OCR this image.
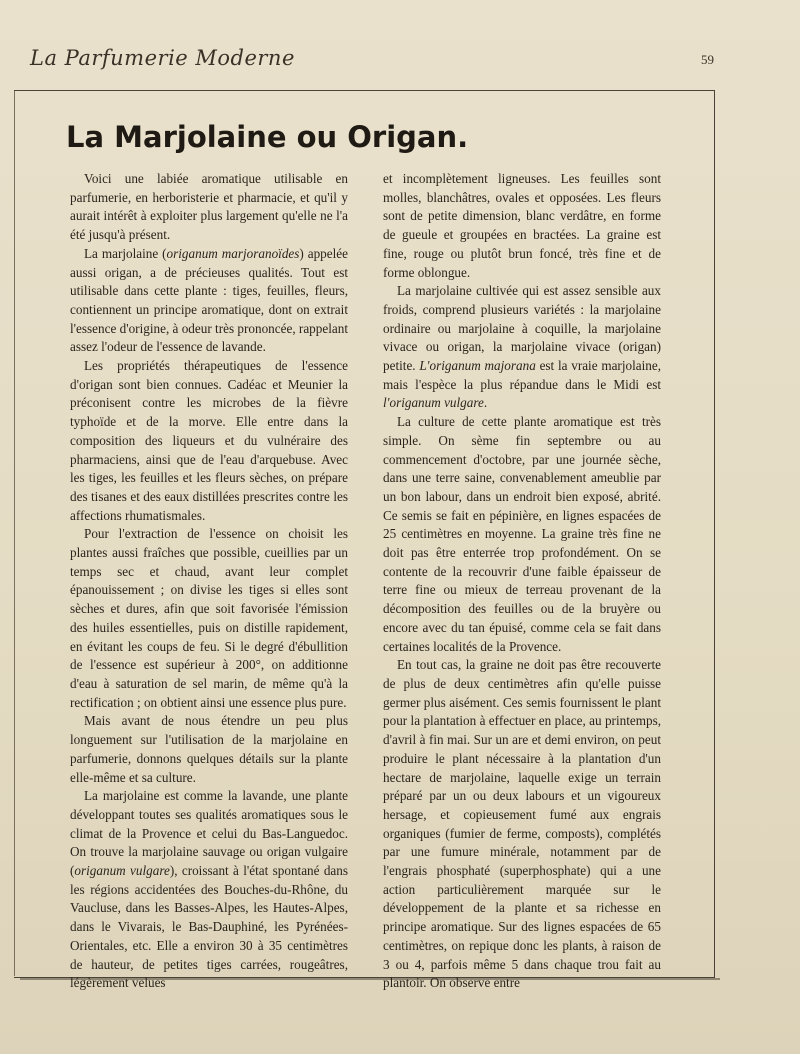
La Parfumerie Moderne	59
La Marjolaine ou Origan.

Voici une labiée aromatique utilisable en parfumerie, en herboristerie et pharmacie, et qu'il y aurait intérêt à exploiter plus largement qu'elle ne l'a été jusqu'à présent.

La marjolaine (origanum marjoranoïdes) appelée aussi origan, a de précieuses qualités. Tout est utilisable dans cette plante : tiges, feuilles, fleurs, contiennent un principe aromatique, dont on extrait l'essence d'origine, à odeur très prononcée, rappelant assez l'odeur de l'essence de lavande.

Les propriétés thérapeutiques de l'essence d'origan sont bien connues. Cadéac et Meunier la préconisent contre les microbes de la fièvre typhoïde et de la morve. Elle entre dans la composition des liqueurs et du vulnéraire des pharmaciens, ainsi que de l'eau d'arquebuse. Avec les tiges, les feuilles et les fleurs sèches, on prépare des tisanes et des eaux distillées prescrites contre les affections rhumatismales.

Pour l'extraction de l'essence on choisit les plantes aussi fraîches que possible, cueillies par un temps sec et chaud, avant leur complet épanouissement ; on divise les tiges si elles sont sèches et dures, afin que soit favorisée l'émission des huiles essentielles, puis on distille rapidement, en évitant les coups de feu. Si le degré d'ébullition de l'essence est supérieur à 200°, on additionne d'eau à saturation de sel marin, de même qu'à la rectification ; on obtient ainsi une essence plus pure.

Mais avant de nous étendre un peu plus longuement sur l'utilisation de la marjolaine en parfumerie, donnons quelques détails sur la plante elle-même et sa culture.

La marjolaine est comme la lavande, une plante développant toutes ses qualités aromatiques sous le climat de la Provence et celui du Bas-Languedoc. On trouve la marjolaine sauvage ou origan vulgaire (origanum vulgare), croissant à l'état spontané dans les régions accidentées des Bouches-du-Rhône, du Vaucluse, dans les Basses-Alpes, les Hautes-Alpes, dans le Vivarais, le Bas-Dauphiné, les Pyrénées-Orientales, etc. Elle a environ 30 à 35 centimètres de hauteur, de petites tiges carrées, rougeâtres, légèrement velues

et incomplètement ligneuses. Les feuilles sont molles, blanchâtres, ovales et opposées. Les fleurs sont de petite dimension, blanc verdâtre, en forme de gueule et groupées en bractées. La graine est fine, rouge ou plutôt brun foncé, très fine et de forme oblongue.

La marjolaine cultivée qui est assez sensible aux froids, comprend plusieurs variétés : la marjolaine ordinaire ou marjolaine à coquille, la marjolaine vivace ou origan, la marjolaine vivace (origan) petite. L'origanum majorana est la vraie marjolaine, mais l'espèce la plus répandue dans le Midi est l'origanum vulgare.

La culture de cette plante aromatique est très simple. On sème fin septembre ou au commencement d'octobre, par une journée sèche, dans une terre saine, convenablement ameublie par un bon labour, dans un endroit bien exposé, abrité. Ce semis se fait en pépinière, en lignes espacées de 25 centimètres en moyenne. La graine très fine ne doit pas être enterrée trop profondément. On se contente de la recouvrir d'une faible épaisseur de terre fine ou mieux de terreau provenant de la décomposition des feuilles ou de la bruyère ou encore avec du tan épuisé, comme cela se fait dans certaines localités de la Provence.

En tout cas, la graine ne doit pas être recouverte de plus de deux centimètres afin qu'elle puisse germer plus aisément. Ces semis fournissent le plant pour la plantation à effectuer en place, au printemps, d'avril à fin mai. Sur un are et demi environ, on peut produire le plant nécessaire à la plantation d'un hectare de marjolaine, laquelle exige un terrain préparé par un ou deux labours et un vigoureux hersage, et copieusement fumé aux engrais organiques (fumier de ferme, composts), complétés par une fumure minérale, notamment par de l'engrais phosphaté (superphosphate) qui a une action particulièrement marquée sur le développement de la plante et sa richesse en principe aromatique. Sur des lignes espacées de 65 centimètres, on repique donc les plants, à raison de 3 ou 4, parfois même 5 dans chaque trou fait au plantoir. On observe entre
